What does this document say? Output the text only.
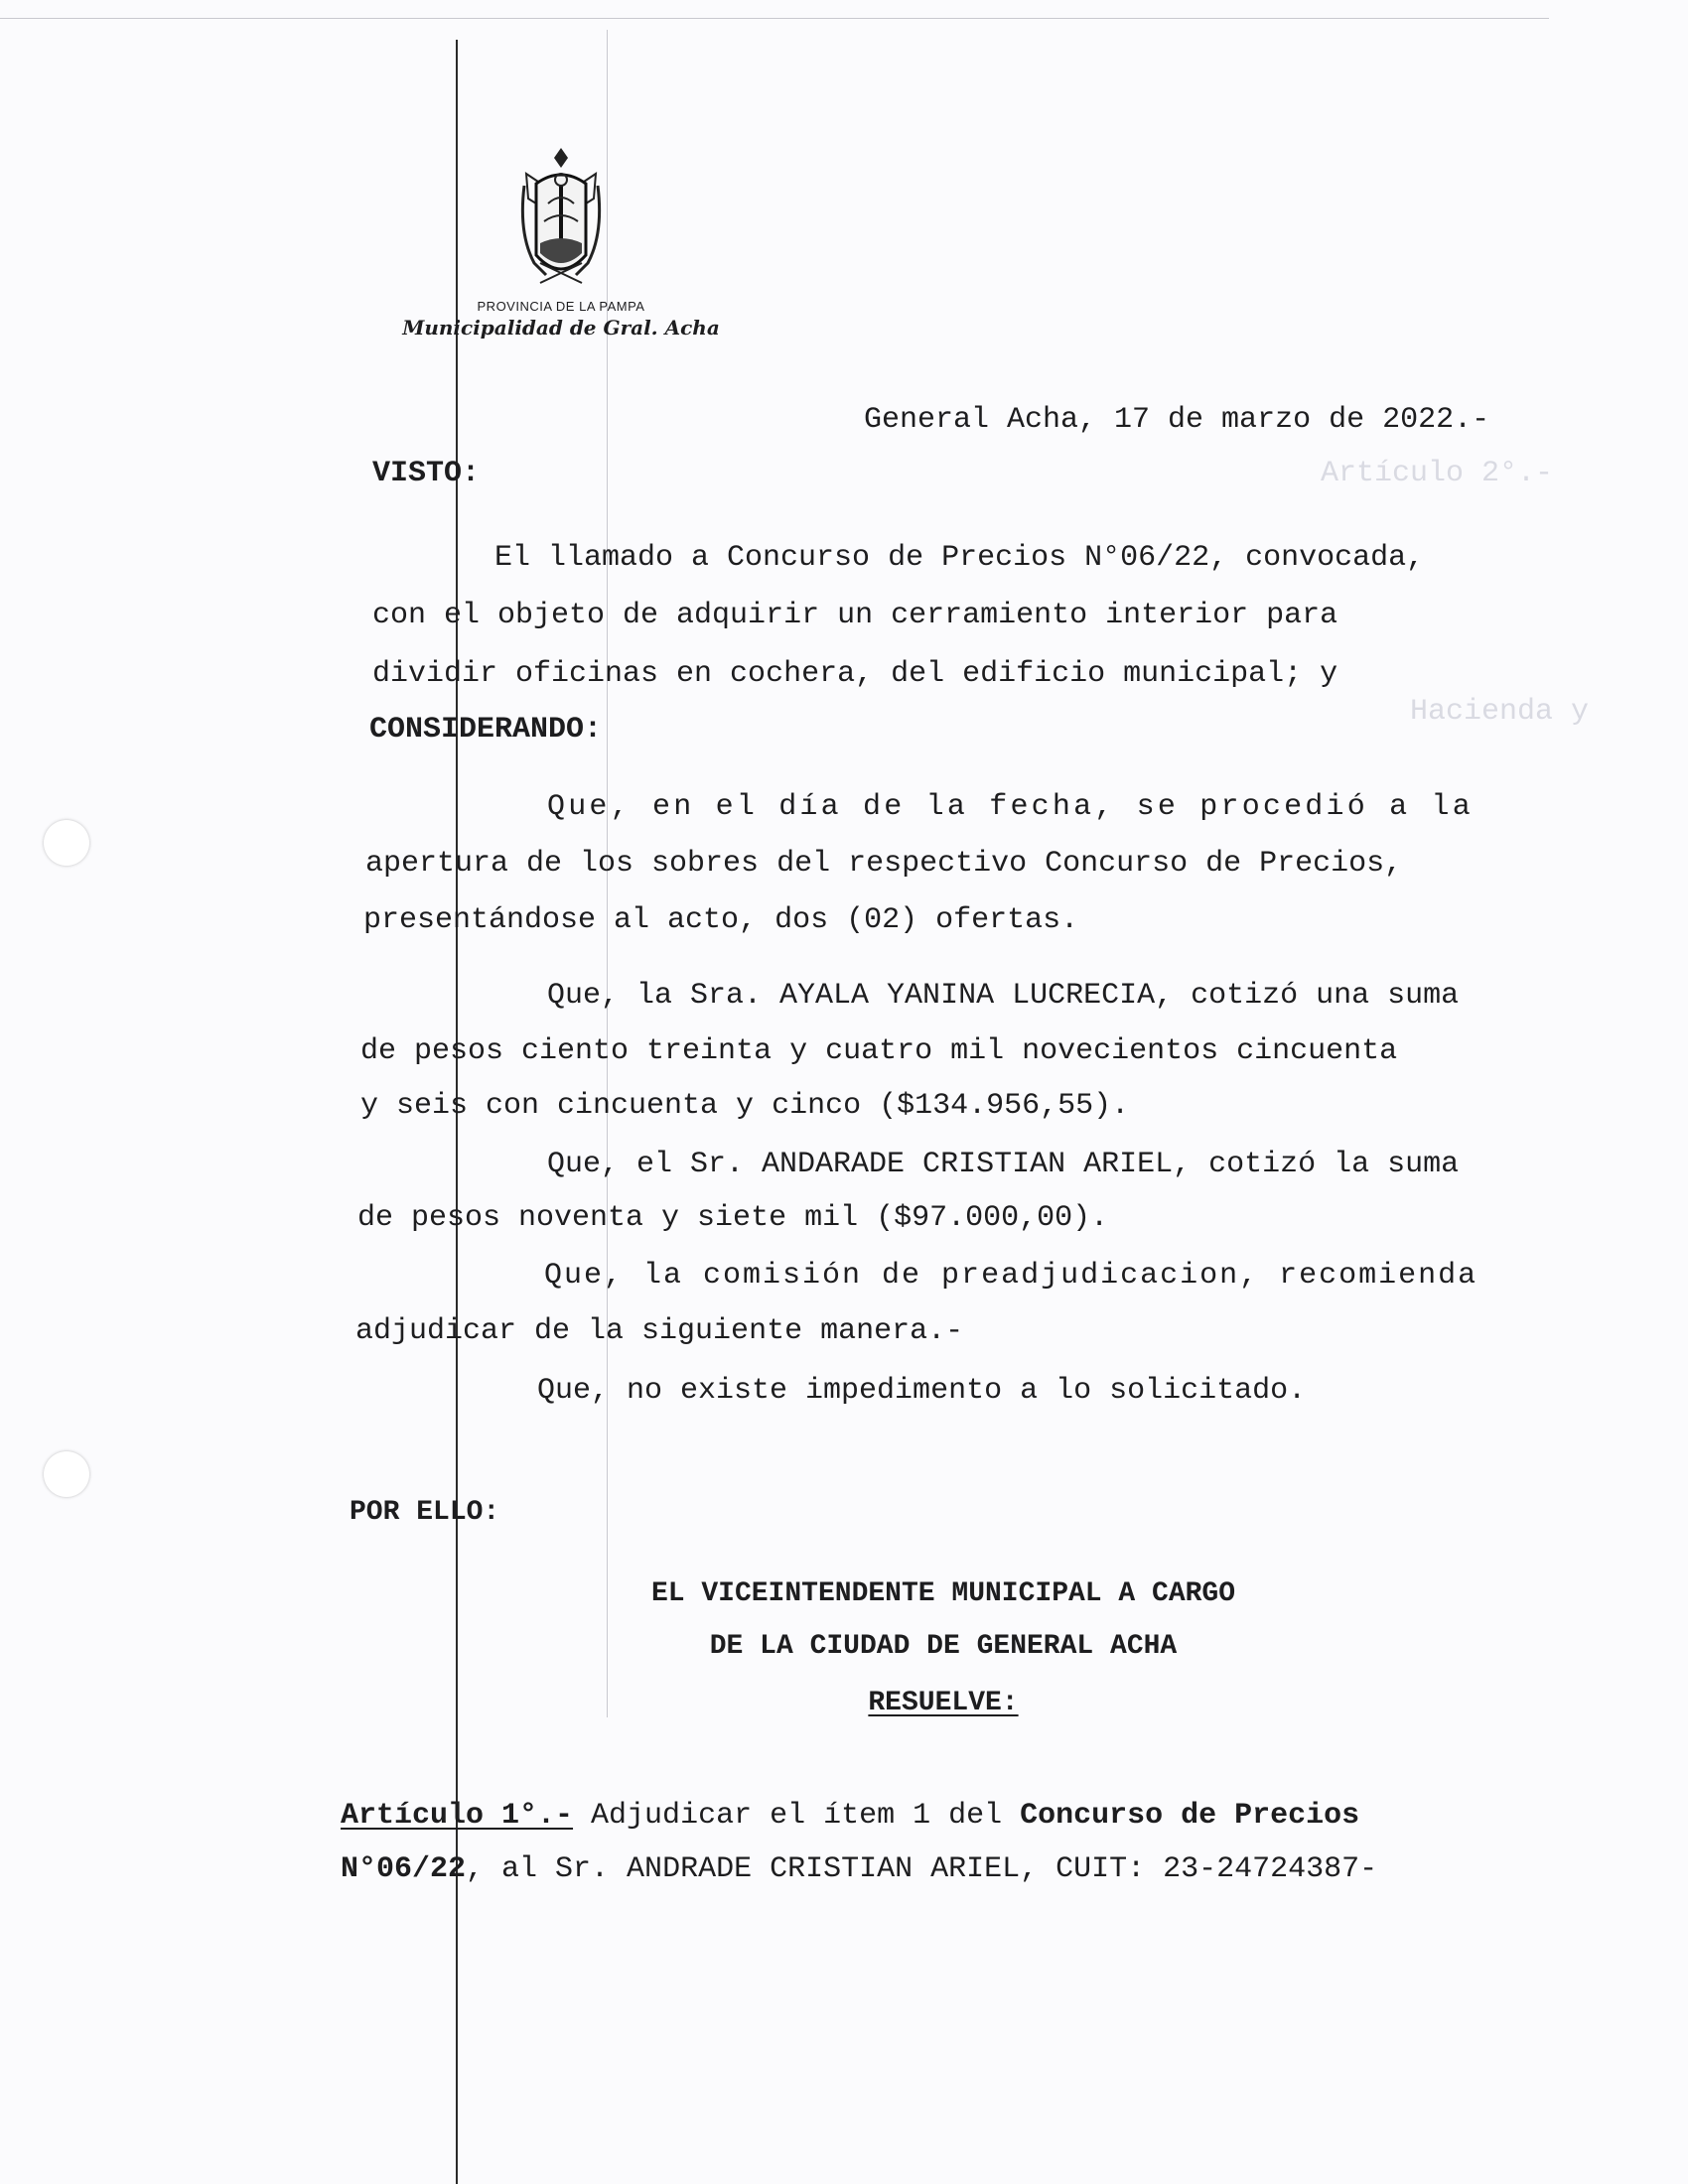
Artículo 2°.-
Hacienda y
PROVINCIA DE LA PAMPA
Municipalidad de Gral. Acha
General Acha, 17 de marzo de 2022.-
VISTO:
El llamado a Concurso de Precios N°06/22, convocada,
con el objeto de adquirir un cerramiento interior para
dividir oficinas en cochera, del edificio municipal; y
CONSIDERANDO:
Que, en el día de la fecha, se procedió a la
apertura de los sobres del respectivo Concurso de Precios,
presentándose al acto, dos (02) ofertas.
Que, la Sra. AYALA YANINA LUCRECIA, cotizó una suma
de pesos ciento treinta y cuatro mil novecientos cincuenta
y seis con cincuenta y cinco ($134.956,55).
Que, el Sr. ANDARADE CRISTIAN ARIEL, cotizó la suma
de pesos noventa y siete mil ($97.000,00).
Que, la comisión de preadjudicacion, recomienda
adjudicar de la siguiente manera.-
Que, no existe impedimento a lo solicitado.
POR ELLO:
EL VICEINTENDENTE MUNICIPAL A CARGO
DE LA CIUDAD DE GENERAL ACHA
RESUELVE:
Artículo 1°.- Adjudicar el ítem 1 del Concurso de Precios
N°06/22, al Sr. ANDRADE CRISTIAN ARIEL, CUIT: 23-24724387-
